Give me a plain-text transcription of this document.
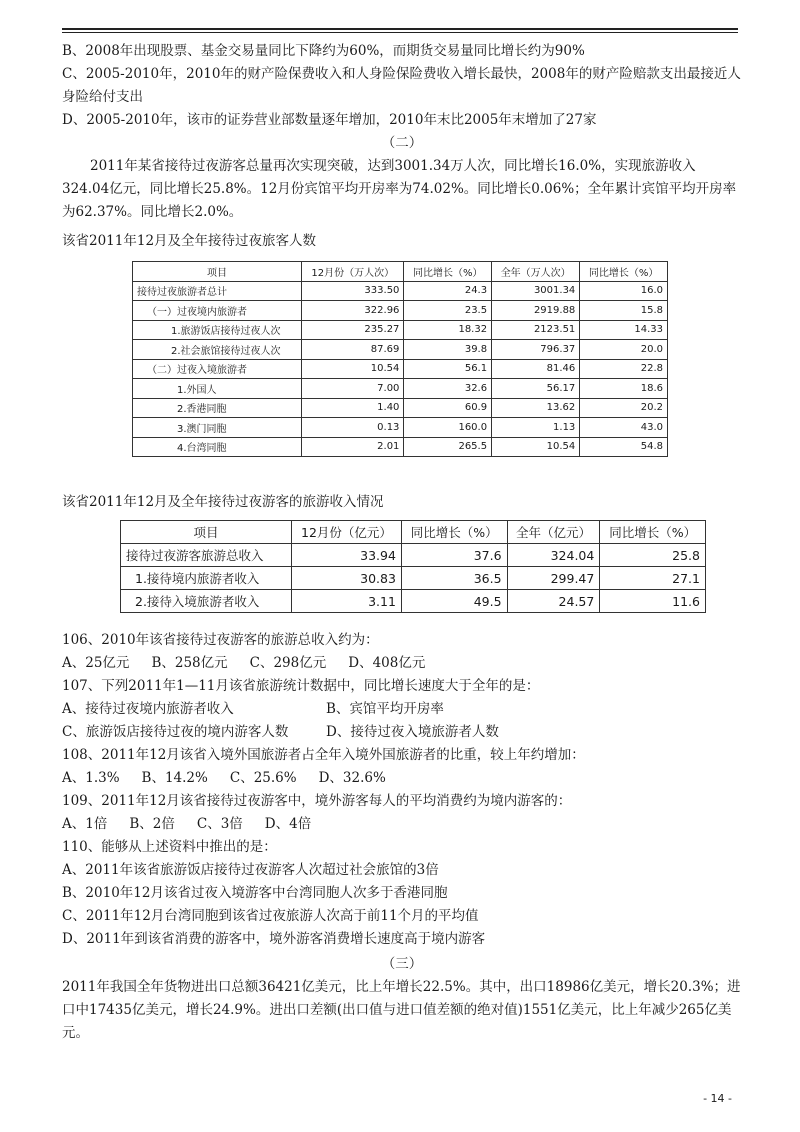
B、2008年出现股票、基金交易量同比下降约为60%，而期货交易量同比增长约为90%
C、2005-2010年，2010年的财产险保费收入和人身险保险费收入增长最快，2008年的财产险赔款支出最接近人身险给付支出
D、2005-2010年，该市的证券营业部数量逐年增加，2010年末比2005年末增加了27家
（二）
2011年某省接待过夜游客总量再次实现突破，达到3001.34万人次，同比增长16.0%，实现旅游收入324.04亿元，同比增长25.8%。12月份宾馆平均开房率为74.02%。同比增长0.06%；全年累计宾馆平均开房率为62.37%。同比增长2.0%。
该省2011年12月及全年接待过夜旅客人数
项目	12月份（万人次）	同比增长（%）	全年（万人次）	同比增长（%）
接待过夜旅游者总计	333.50	24.3	3001.34	16.0
（一）过夜境内旅游者	322.96	23.5	2919.88	15.8
1.旅游饭店接待过夜人次	235.27	18.32	2123.51	14.33
2.社会旅馆接待过夜人次	87.69	39.8	796.37	20.0
（二）过夜入境旅游者	10.54	56.1	81.46	22.8
1.外国人	7.00	32.6	56.17	18.6
2.香港同胞	1.40	60.9	13.62	20.2
3.澳门同胞	0.13	160.0	1.13	43.0
4.台湾同胞	2.01	265.5	10.54	54.8
该省2011年12月及全年接待过夜游客的旅游收入情况
项目	12月份（亿元）	同比增长（%）	全年（亿元）	同比增长（%）
接待过夜游客旅游总收入	33.94	37.6	324.04	25.8
1.接待境内旅游者收入	30.83	36.5	299.47	27.1
2.接待入境旅游者收入	3.11	49.5	24.57	11.6
106、2010年该省接待过夜游客的旅游总收入约为：
A、25亿元 B、258亿元 C、298亿元 D、408亿元
107、下列2011年1—11月该省旅游统计数据中，同比增长速度大于全年的是：
A、接待过夜境内旅游者收入	B、宾馆平均开房率
C、旅游饭店接待过夜的境内游客人数	D、接待过夜入境旅游者人数
108、2011年12月该省入境外国旅游者占全年入境外国旅游者的比重，较上年约增加：
A、1.3% B、14.2% C、25.6% D、32.6%
109、2011年12月该省接待过夜游客中，境外游客每人的平均消费约为境内游客的：
A、1倍 B、2倍 C、3倍 D、4倍
110、能够从上述资料中推出的是：
A、2011年该省旅游饭店接待过夜游客人次超过社会旅馆的3倍
B、2010年12月该省过夜入境游客中台湾同胞人次多于香港同胞
C、2011年12月台湾同胞到该省过夜旅游人次高于前11个月的平均值
D、2011年到该省消费的游客中，境外游客消费增长速度高于境内游客
（三）
2011年我国全年货物进出口总额36421亿美元，比上年增长22.5%。其中，出口18986亿美元，增长20.3%；进口中17435亿美元，增长24.9%。进出口差额(出口值与进口值差额的绝对值)1551亿美元，比上年减少265亿美元。
- 14 -
